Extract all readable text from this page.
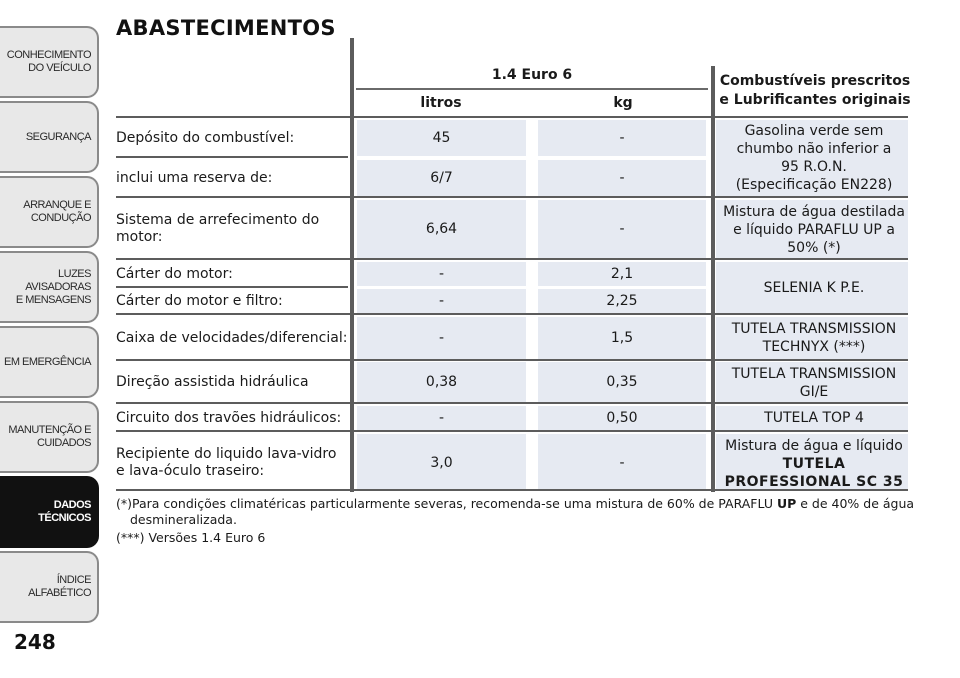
CONHECIMENTO
DO VEÍCULO
SEGURANÇA
ARRANQUE E
CONDUÇÃO
LUZES AVISADORAS
E MENSAGENS
EM EMERGÊNCIA
MANUTENÇÃO E
CUIDADOS
DADOS TÉCNICOS
ÍNDICE ALFABÉTICO
248
ABASTECIMENTOS
1.4 Euro 6
litros	kg
Combustíveis prescritos
e Lubrificantes originais
Depósito do combustível:
inclui uma reserva de:
Sistema de arrefecimento do motor:
Cárter do motor:
Cárter do motor e filtro:
Caixa de velocidades/diferencial:
Direção assistida hidráulica
Circuito dos travões hidráulicos:
Recipiente do liquido lava-vidro e lava-óculo traseiro:
45
6/7
6,64
-
-
-
0,38
-
3,0
-
-
-
2,1
2,25
1,5
0,35
0,50
-
Gasolina verde sem chumbo não inferior a 95 R.O.N. (Especificação EN228)
Mistura de água destilada e líquido PARAFLU UP a 50% (*)
SELENIA K P.E.
TUTELA TRANSMISSION TECHNYX (***)
TUTELA TRANSMISSION GI/E
TUTELA TOP 4
Mistura de água e líquido
TUTELA
PROFESSIONAL SC 35
(*)Para condições climatéricas particularmente severas, recomenda-se uma mistura de 60% de PARAFLU UP e de 40% de água
desmineralizada.
(***) Versões 1.4 Euro 6
